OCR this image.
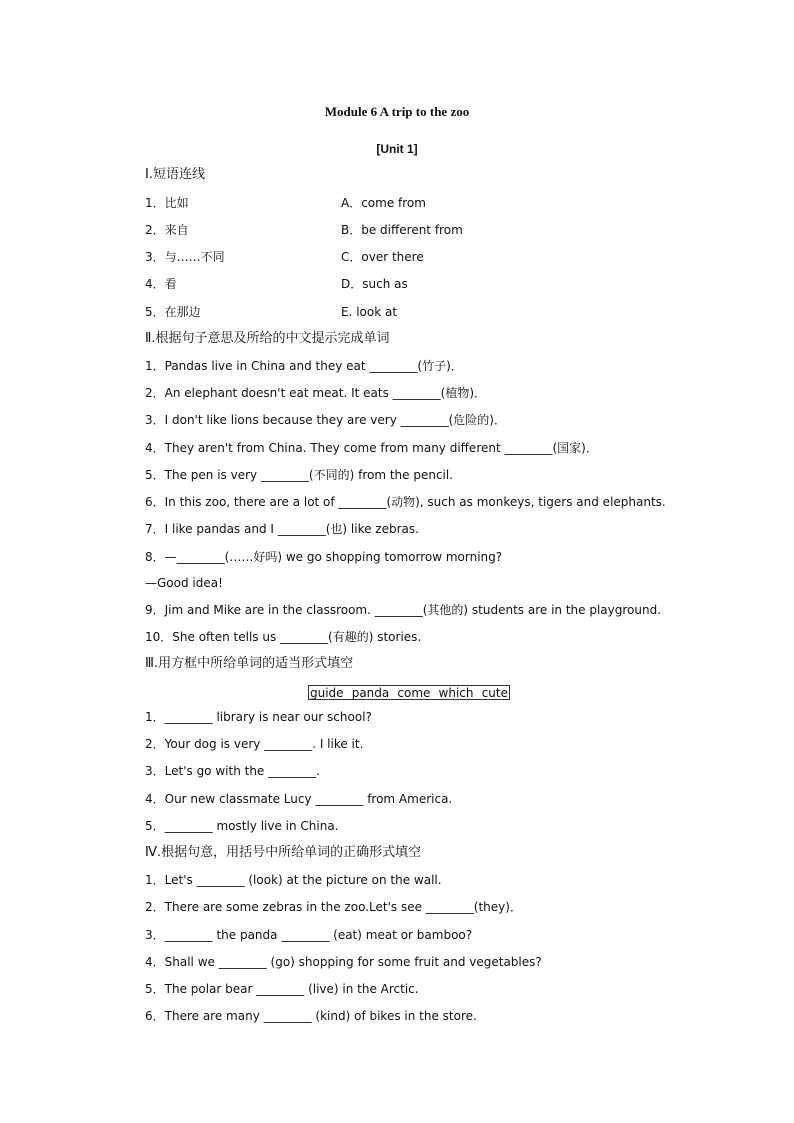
Module 6 A trip to the zoo
[Unit 1]
Ⅰ.短语连线
1．比如	A．come from
2．来自	B．be different from
3．与……不同	C．over there
4．看	D．such as
5．在那边	E. look at
Ⅱ.根据句子意思及所给的中文提示完成单词
1．Pandas live in China and they eat ________(竹子)．
2．An elephant doesn't eat meat. It eats ________(植物)．
3．I don't like lions because they are very ________(危险的)．
4．They aren't from China. They come from many different ________(国家)．
5．The pen is very ________(不同的) from the pencil.
6．In this zoo, there are a lot of ________(动物), such as monkeys, tigers and elephants.
7．I like pandas and I ________(也) like zebras.
8．—________(……好吗) we go shopping tomorrow morning?
—Good idea!
9．Jim and Mike are in the classroom. ________(其他的) students are in the playground.
10．She often tells us ________(有趣的) stories.
Ⅲ.用方框中所给单词的适当形式填空
guide panda come which cute
1．________ library is near our school?
2．Your dog is very ________. I like it.
3．Let's go with the ________.
4．Our new classmate Lucy ________ from America.
5．________ mostly live in China.
Ⅳ.根据句意，用括号中所给单词的正确形式填空
1．Let's ________ (look) at the picture on the wall.
2．There are some zebras in the zoo.Let's see ________(they)．
3．________ the panda ________ (eat) meat or bamboo?
4．Shall we ________ (go) shopping for some fruit and vegetables?
5．The polar bear ________ (live) in the Arctic.
6．There are many ________ (kind) of bikes in the store.
